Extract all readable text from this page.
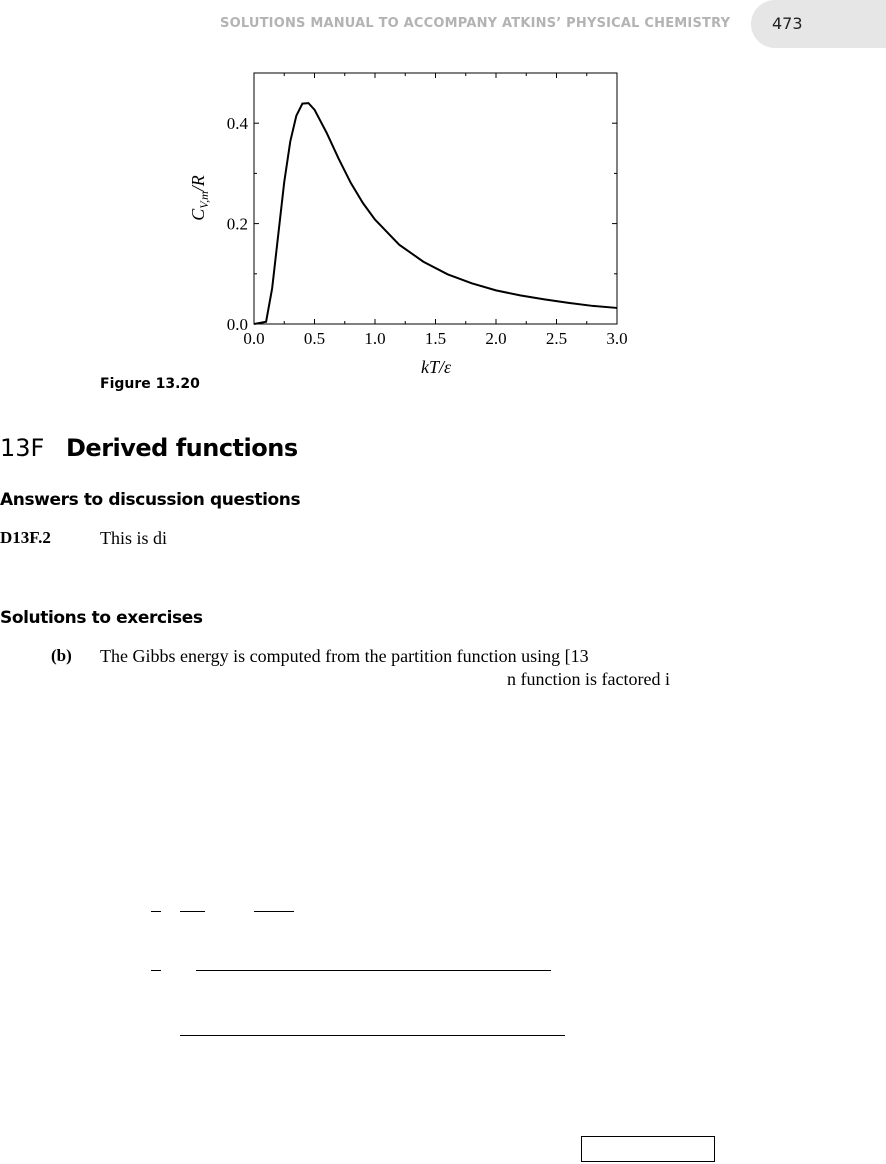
SOLUTIONS MANUAL TO ACCOMPANY ATKINS’ PHYSICAL CHEMISTRY	473
0.0 0.5 1.0 1.5 2.0 2.5 3.0
0.0
0.2
0.4
kT/ε
$C_{V,m}/R$
Figure 13.20
13F Derived functions
Answers to discussion questions
D13F.2	This is di
Solutions to exercises
(b) The Gibbs energy is computed from the partition function using [13
n function is factored i
